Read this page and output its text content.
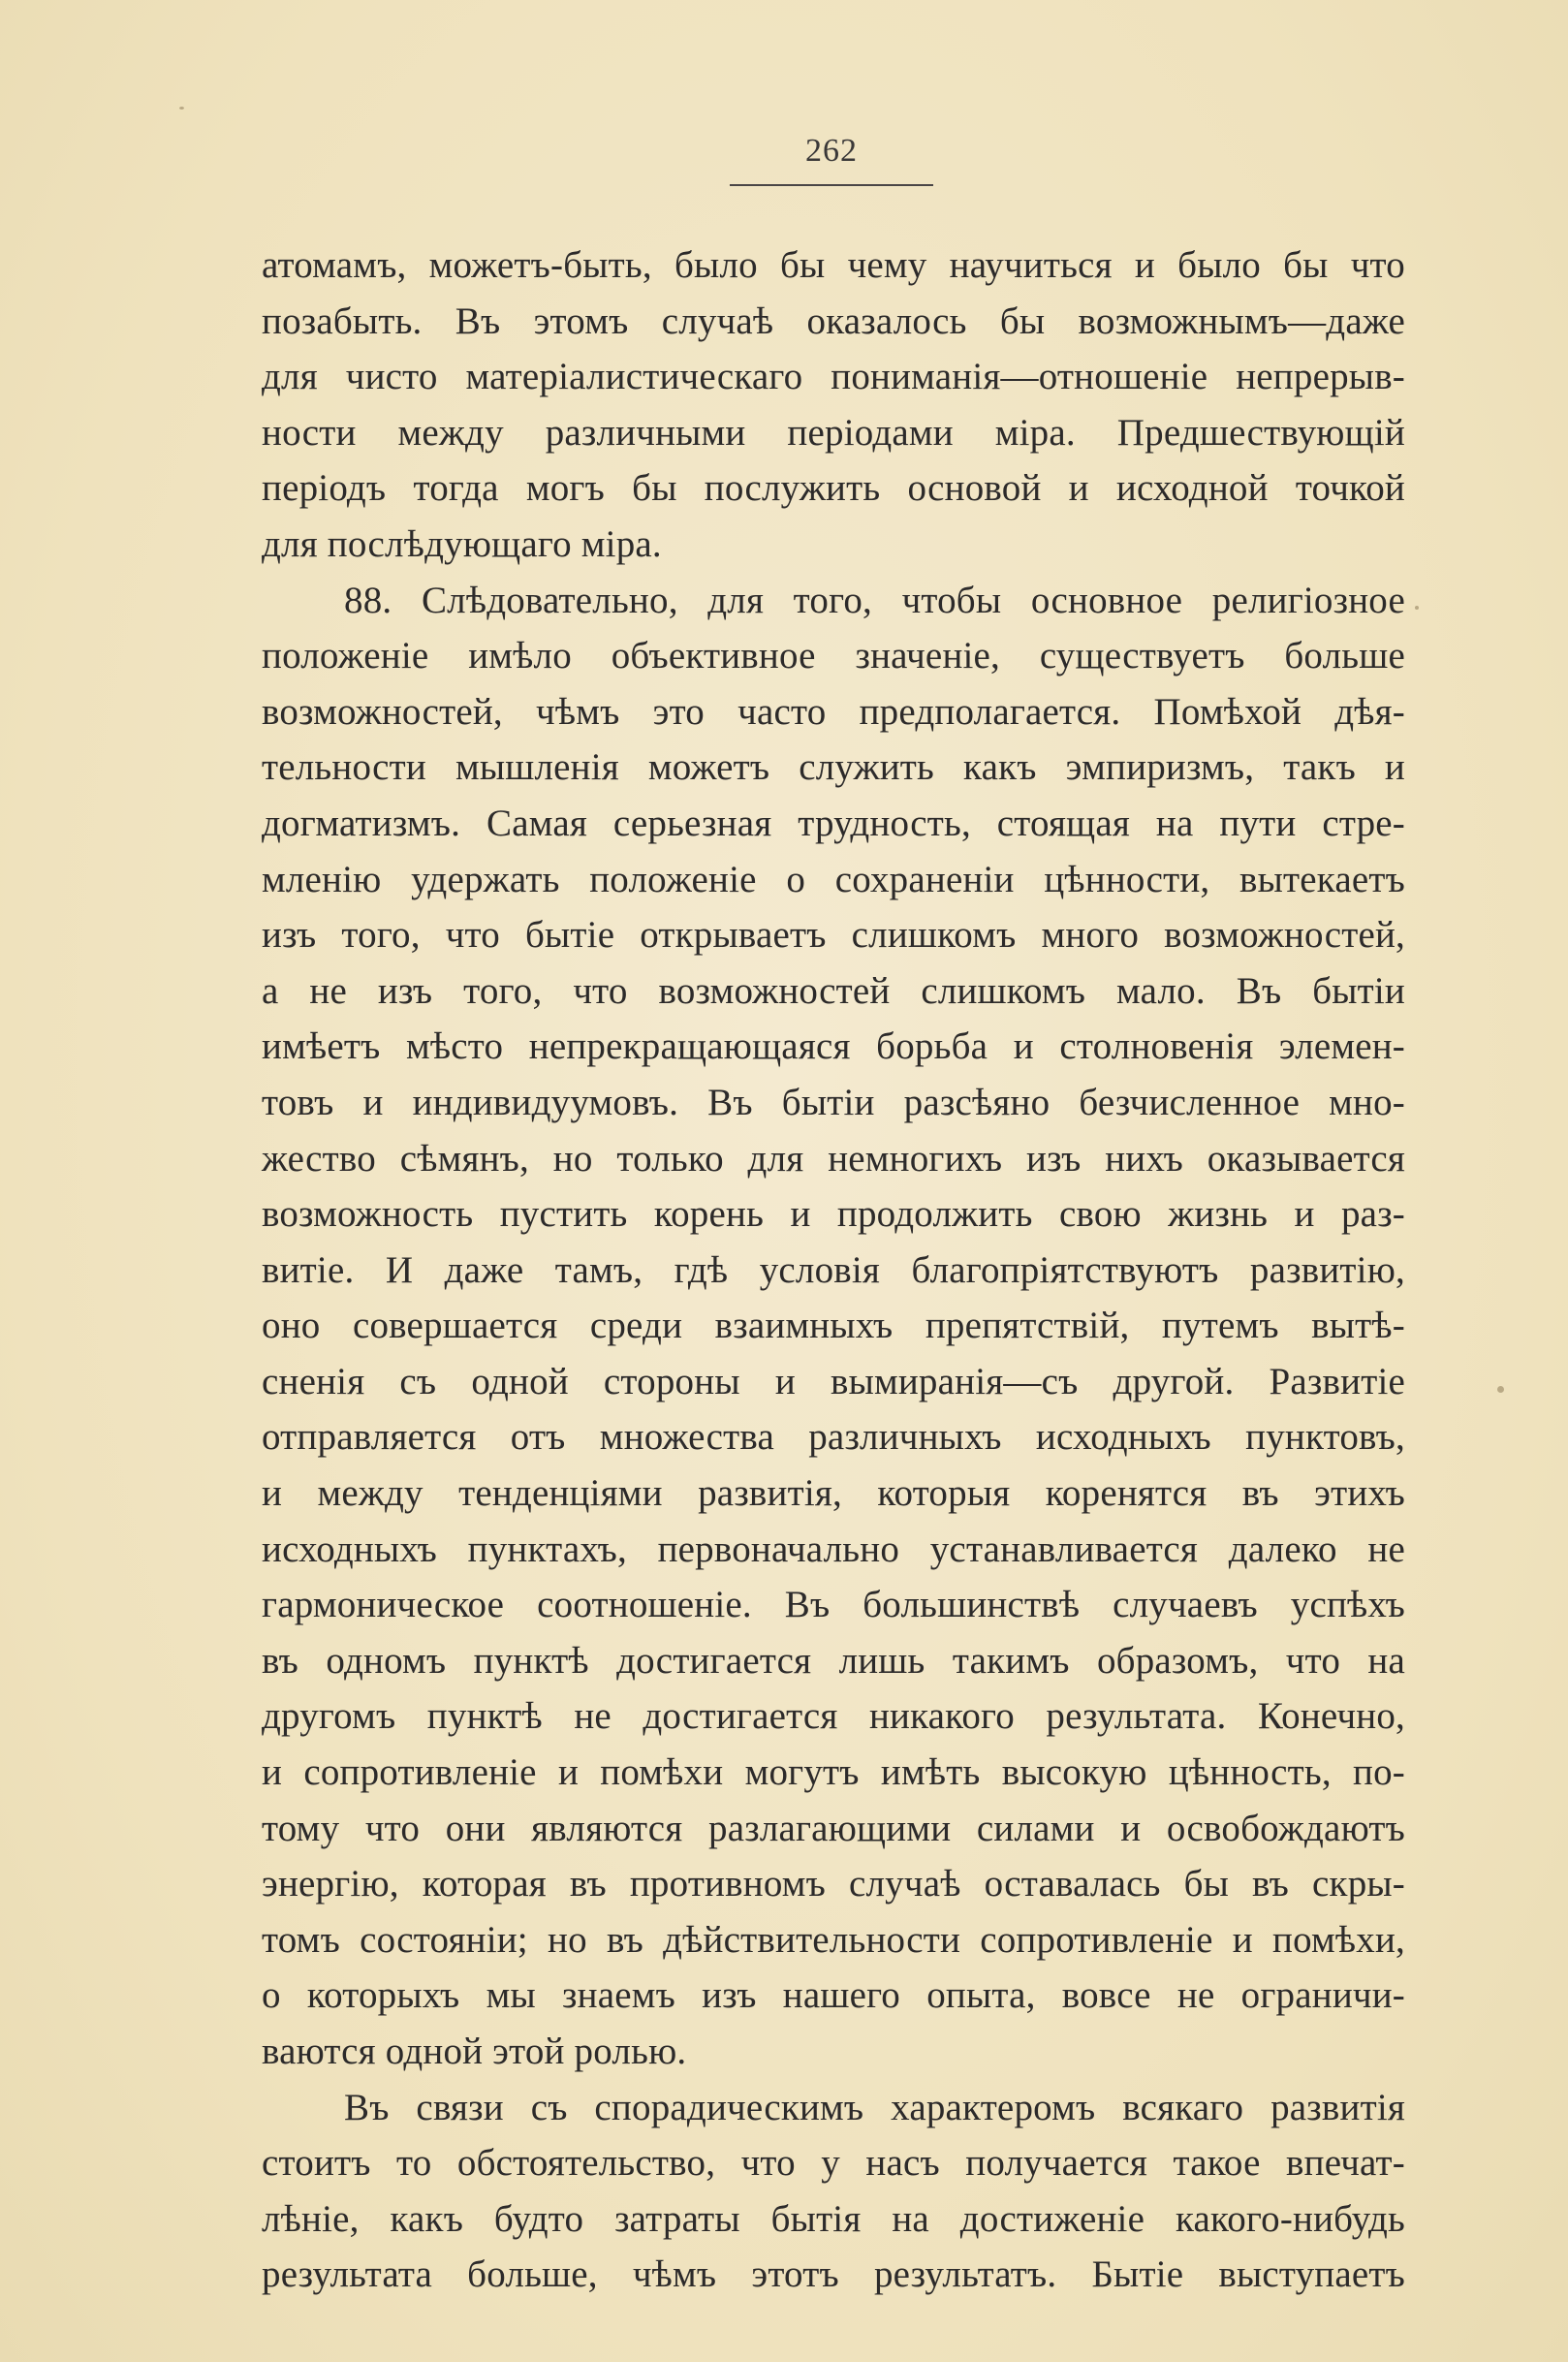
262
атомамъ, можетъ-быть, было бы чему научиться и было бы что
позабыть. Въ этомъ случаѣ оказалось бы возможнымъ—даже
для чисто матеріалистическаго пониманія—отношеніе непрерыв-
ности между различными періодами міра. Предшествующій
періодъ тогда могъ бы послужить основой и исходной точкой
для послѣдующаго міра.
88. Слѣдовательно, для того, чтобы основное религіозное
положеніе имѣло объективное значеніе, существуетъ больше
возможностей, чѣмъ это часто предполагается. Помѣхой дѣя-
тельности мышленія можетъ служить какъ эмпиризмъ, такъ и
догматизмъ. Самая серьезная трудность, стоящая на пути стре-
мленію удержать положеніе о сохраненіи цѣнности, вытекаетъ
изъ того, что бытіе открываетъ слишкомъ много возможностей,
а не изъ того, что возможностей слишкомъ мало. Въ бытіи
имѣетъ мѣсто непрекращающаяся борьба и столновенія элемен-
товъ и индивидуумовъ. Въ бытіи разсѣяно безчисленное мно-
жество сѣмянъ, но только для немногихъ изъ нихъ оказывается
возможность пустить корень и продолжить свою жизнь и раз-
витіе. И даже тамъ, гдѣ условія благопріятствуютъ развитію,
оно совершается среди взаимныхъ препятствій, путемъ вытѣ-
сненія съ одной стороны и вымиранія—съ другой. Развитіе
отправляется отъ множества различныхъ исходныхъ пунктовъ,
и между тенденціями развитія, которыя коренятся въ этихъ
исходныхъ пунктахъ, первоначально устанавливается далеко не
гармоническое соотношеніе. Въ большинствѣ случаевъ успѣхъ
въ одномъ пунктѣ достигается лишь такимъ образомъ, что на
другомъ пунктѣ не достигается никакого результата. Конечно,
и сопротивленіе и помѣхи могутъ имѣть высокую цѣнность, по-
тому что они являются разлагающими силами и освобождаютъ
энергію, которая въ противномъ случаѣ оставалась бы въ скры-
томъ состояніи; но въ дѣйствительности сопротивленіе и помѣхи,
о которыхъ мы знаемъ изъ нашего опыта, вовсе не ограничи-
ваются одной этой ролью.
Въ связи съ спорадическимъ характеромъ всякаго развитія
стоитъ то обстоятельство, что у насъ получается такое впечат-
лѣніе, какъ будто затраты бытія на достиженіе какого-нибудь
результата больше, чѣмъ этотъ результатъ. Бытіе выступаетъ
